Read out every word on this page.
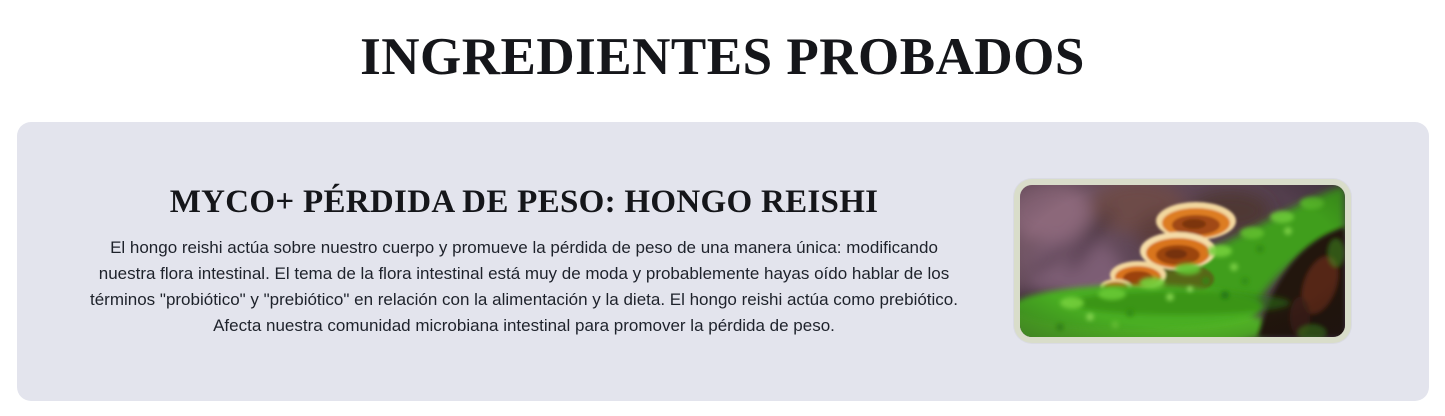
INGREDIENTES PROBADOS
MYCO+ PÉRDIDA DE PESO: HONGO REISHI

El hongo reishi actúa sobre nuestro cuerpo y promueve la pérdida de peso de una manera única: modificando nuestra flora intestinal. El tema de la flora intestinal está muy de moda y probablemente hayas oído hablar de los términos "probiótico" y "prebiótico" en relación con la alimentación y la dieta. El hongo reishi actúa como prebiótico. Afecta nuestra comunidad microbiana intestinal para promover la pérdida de peso.
